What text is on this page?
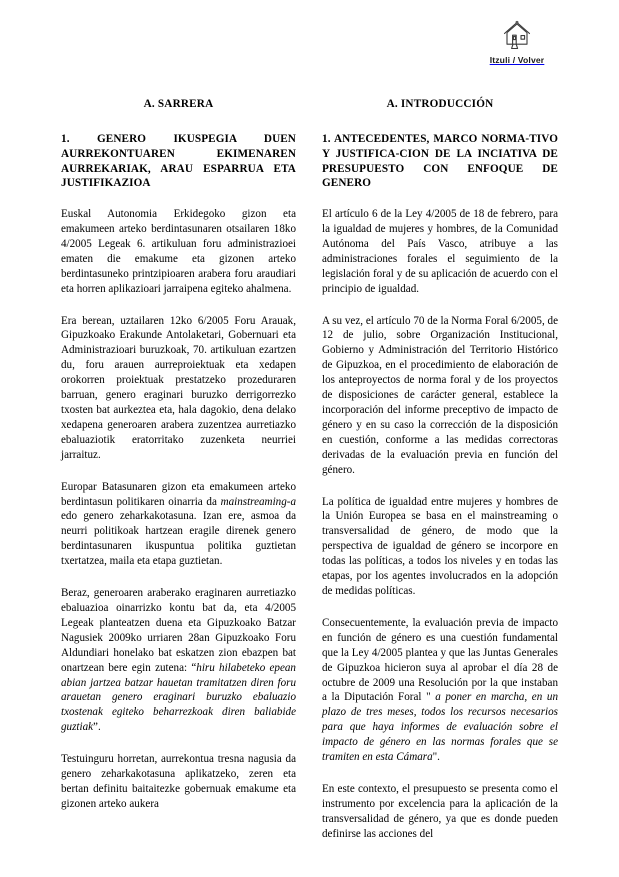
Itzuli / Volver
A. SARRERA
1. GENERO IKUSPEGIA DUEN AURREKONTUAREN EKIMENAREN AURREKARIAK, ARAU ESPARRUA ETA JUSTIFIKAZIOA

Euskal Autonomia Erkidegoko gizon eta emakumeen arteko berdintasunaren otsailaren 18ko 4/2005 Legeak 6. artikuluan foru administrazioei ematen die emakume eta gizonen arteko berdintasuneko printzipioaren arabera foru araudiari eta horren aplikazioari jarraipena egiteko ahalmena.

Era berean, uztailaren 12ko 6/2005 Foru Arauak, Gipuzkoako Erakunde Antolaketari, Gobernuari eta Administrazioari buruzkoak, 70. artikuluan ezartzen du, foru arauen aurreproiektuak eta xedapen orokorren proiektuak prestatzeko prozeduraren barruan, genero eraginari buruzko derrigorrezko txosten bat aurkeztea eta, hala dagokio, dena delako xedapena generoaren arabera zuzentzea aurretiazko ebaluaziotik eratorritako zuzenketa neurriei jarraituz.

Europar Batasunaren gizon eta emakumeen arteko berdintasun politikaren oinarria da mainstreaming-a edo genero zeharkakotasuna. Izan ere, asmoa da neurri politikoak hartzean eragile direnek genero berdintasunaren ikuspuntua politika guztietan txertatzea, maila eta etapa guztietan.

Beraz, generoaren araberako eraginaren aurretiazko ebaluazioa oinarrizko kontu bat da, eta 4/2005 Legeak planteatzen duena eta Gipuzkoako Batzar Nagusiek 2009ko urriaren 28an Gipuzkoako Foru Aldundiari honelako bat eskatzen zion ebazpen bat onartzean bere egin zutena: “hiru hilabeteko epean abian jartzea batzar hauetan tramitatzen diren foru arauetan genero eraginari buruzko ebaluazio txostenak egiteko beharrezkoak diren baliabide guztiak”.

Testuinguru horretan, aurrekontua tresna nagusia da genero zeharkakotasuna aplikatzeko, zeren eta bertan definitu baitaitezke gobernuak emakume eta gizonen arteko aukera

A. INTRODUCCIÓN
1. ANTECEDENTES, MARCO NORMA-TIVO Y JUSTIFICA-CION DE LA INCIATIVA DE PRESUPUESTO CON ENFOQUE DE GENERO

El artículo 6 de la Ley 4/2005 de 18 de febrero, para la igualdad de mujeres y hombres, de la Comunidad Autónoma del País Vasco, atribuye a las administraciones forales el seguimiento de la legislación foral y de su aplicación de acuerdo con el principio de igualdad.

A su vez, el artículo 70 de la Norma Foral 6/2005, de 12 de julio, sobre Organización Institucional, Gobierno y Administración del Territorio Histórico de Gipuzkoa, en el procedimiento de elaboración de los anteproyectos de norma foral y de los proyectos de disposiciones de carácter general, establece la incorporación del informe preceptivo de impacto de género y en su caso la corrección de la disposición en cuestión, conforme a las medidas correctoras derivadas de la evaluación previa en función del género.

La política de igualdad entre mujeres y hombres de la Unión Europea se basa en el mainstreaming o transversalidad de género, de modo que la perspectiva de igualdad de género se incorpore en todas las políticas, a todos los niveles y en todas las etapas, por los agentes involucrados en la adopción de medidas políticas.

Consecuentemente, la evaluación previa de impacto en función de género es una cuestión fundamental que la Ley 4/2005 plantea y que las Juntas Generales de Gipuzkoa hicieron suya al aprobar el día 28 de octubre de 2009 una Resolución por la que instaban a la Diputación Foral " a poner en marcha, en un plazo de tres meses, todos los recursos necesarios para que haya informes de evaluación sobre el impacto de género en las normas forales que se tramiten en esta Cámara".

En este contexto, el presupuesto se presenta como el instrumento por excelencia para la aplicación de la transversalidad de género, ya que es donde pueden definirse las acciones del
